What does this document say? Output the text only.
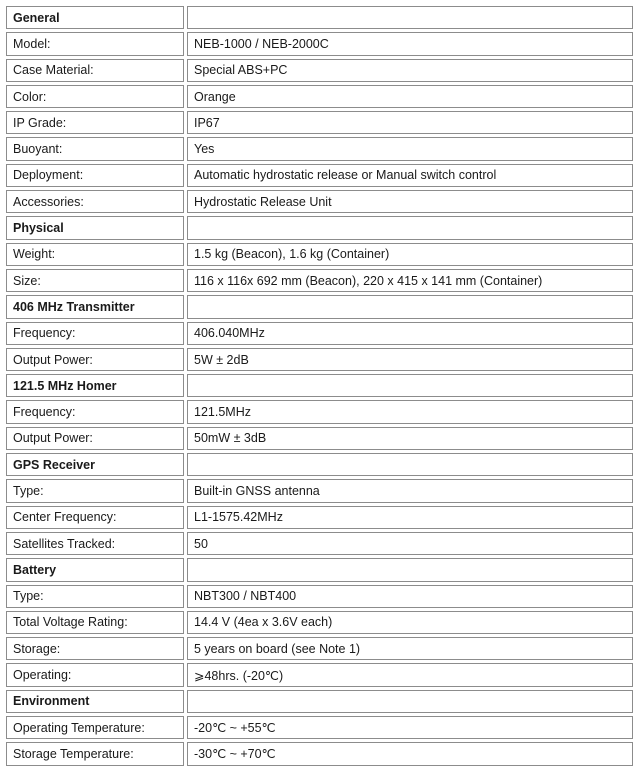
General	
Model:	NEB-1000 / NEB-2000C
Case Material:	Special ABS+PC
Color:	Orange
IP Grade:	IP67
Buoyant:	Yes
Deployment:	Automatic hydrostatic release or Manual switch control
Accessories:	Hydrostatic Release Unit
Physical	
Weight:	1.5 kg (Beacon), 1.6 kg (Container)
Size:	116 x 116x 692 mm (Beacon), 220 x 415 x 141 mm (Container)
406 MHz Transmitter	
Frequency:	406.040MHz
Output Power:	5W ± 2dB
121.5 MHz Homer	
Frequency:	121.5MHz
Output Power:	50mW ± 3dB
GPS Receiver	
Type:	Built-in GNSS antenna
Center Frequency:	L1-1575.42MHz
Satellites Tracked:	50
Battery	
Type:	NBT300 / NBT400
Total Voltage Rating:	14.4 V (4ea x 3.6V each)
Storage:	5 years on board (see Note 1)
Operating:	⩾48hrs. (-20℃)
Environment	
Operating Temperature:	-20℃ ~ +55℃
Storage Temperature:	-30℃ ~ +70℃
